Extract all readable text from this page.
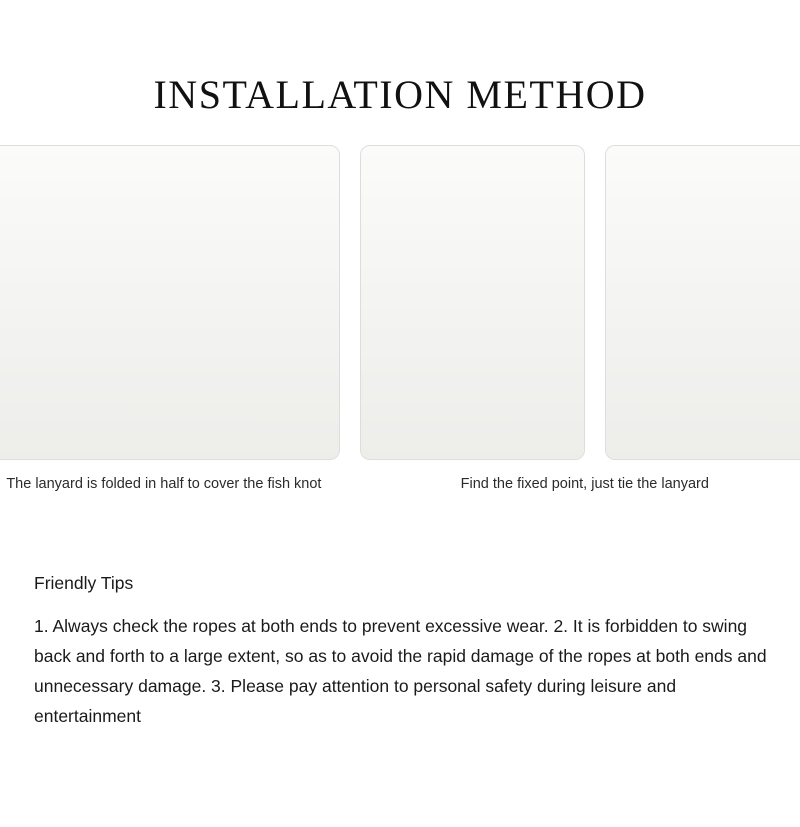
INSTALLATION METHOD
The lanyard is folded in half to cover the fish knot	Find the fixed point, just tie the lanyard
Friendly Tips
1. Always check the ropes at both ends to prevent excessive wear. 2. It is forbidden to swing back and forth to a large extent, so as to avoid the rapid damage of the ropes at both ends and unnecessary damage. 3. Please pay attention to personal safety during leisure and entertainment
